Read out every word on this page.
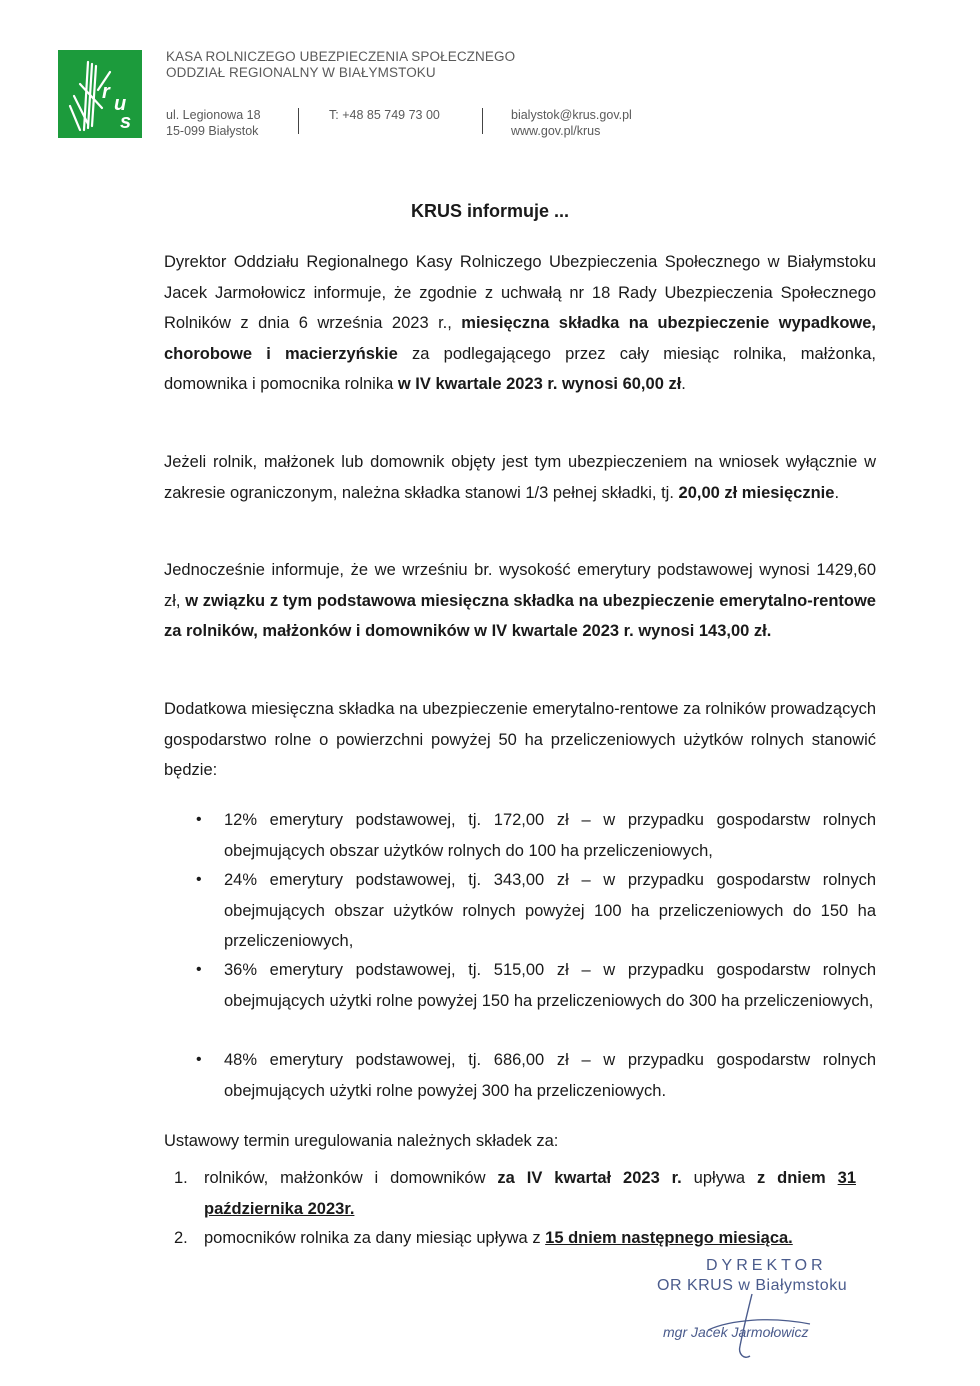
r
u
s
KASA ROLNICZEGO UBEZPIECZENIA SPOŁECZNEGO
ODDZIAŁ REGIONALNY W BIAŁYMSTOKU
ul. Legionowa 18
15-099 Białystok
T: +48 85 749 73 00	bialystok@krus.gov.pl
www.gov.pl/krus
KRUS informuje ...
Dyrektor Oddziału Regionalnego Kasy Rolniczego Ubezpieczenia Społecznego w Białymstoku Jacek Jarmołowicz informuje, że zgodnie z uchwałą nr 18 Rady Ubezpieczenia Społecznego Rolników z dnia 6 września 2023 r., miesięczna składka na ubezpieczenie wypadkowe, chorobowe i macierzyńskie za podlegającego przez cały miesiąc rolnika, małżonka, domownika i pomocnika rolnika w IV kwartale 2023 r. wynosi 60,00 zł.
Jeżeli rolnik, małżonek lub domownik objęty jest tym ubezpieczeniem na wniosek wyłącznie w zakresie ograniczonym, należna składka stanowi 1/3 pełnej składki, tj. 20,00 zł miesięcznie.
Jednocześnie informuje, że we wrześniu br. wysokość emerytury podstawowej wynosi 1429,60 zł, w związku z tym podstawowa miesięczna składka na ubezpieczenie emerytalno-rentowe za rolników, małżonków i domowników w IV kwartale 2023 r. wynosi 143,00 zł.
Dodatkowa miesięczna składka na ubezpieczenie emerytalno-rentowe za rolników prowadzących gospodarstwo rolne o powierzchni powyżej 50 ha przeliczeniowych użytków rolnych stanowić będzie:
• 12% emerytury podstawowej, tj. 172,00 zł – w przypadku gospodarstw rolnych obejmujących obszar użytków rolnych do 100 ha przeliczeniowych,
• 24% emerytury podstawowej, tj. 343,00 zł – w przypadku gospodarstw rolnych obejmujących obszar użytków rolnych powyżej 100 ha przeliczeniowych do 150 ha przeliczeniowych,
• 36% emerytury podstawowej, tj. 515,00 zł – w przypadku gospodarstw rolnych obejmujących użytki rolne powyżej 150 ha przeliczeniowych do 300 ha przeliczeniowych,
• 48% emerytury podstawowej, tj. 686,00 zł – w przypadku gospodarstw rolnych obejmujących użytki rolne powyżej 300 ha przeliczeniowych.
Ustawowy termin uregulowania należnych składek za:
1. rolników, małżonków i domowników za IV kwartał 2023 r. upływa z dniem 31 października 2023r.
2. pomocników rolnika za dany miesiąc upływa z 15 dniem następnego miesiąca.
DYREKTOR
OR KRUS w Białymstoku
mgr Jacek Jarmołowicz
